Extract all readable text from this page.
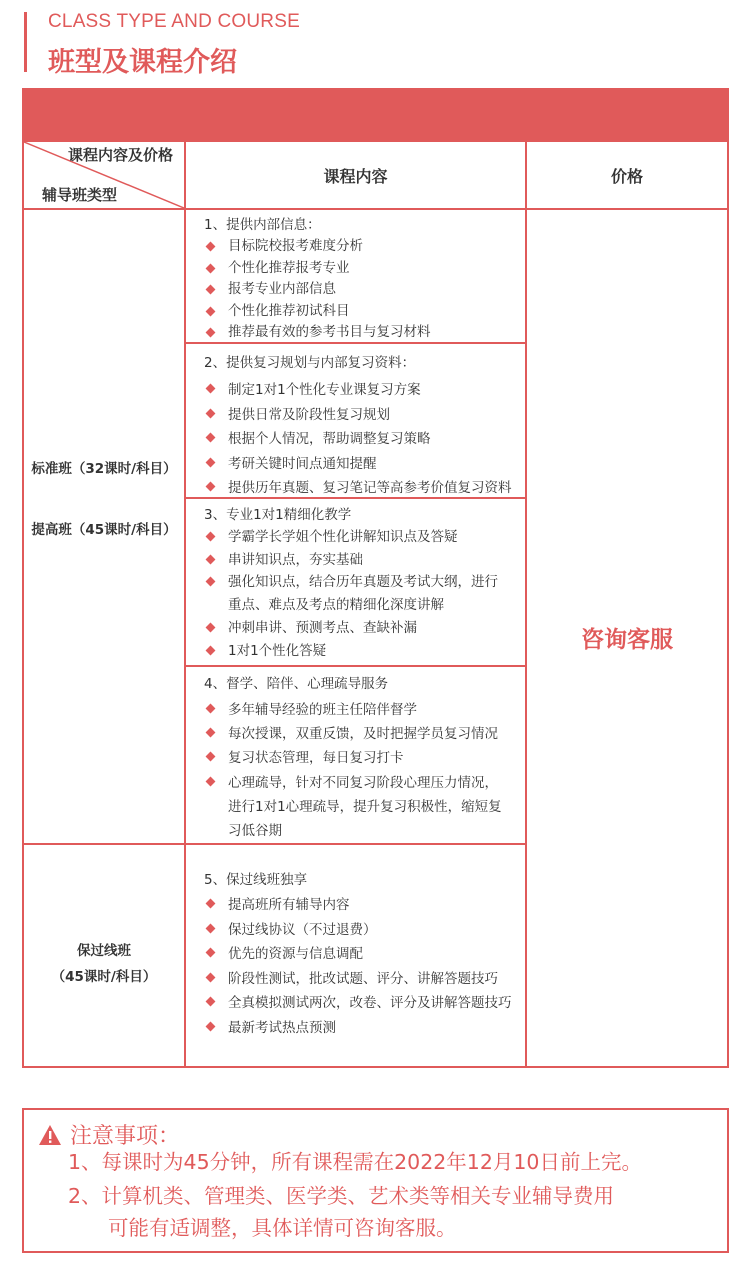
CLASS TYPE AND COURSE
班型及课程介绍
课程内容及价格
辅导班类型
课程内容	价格
标准班（32课时/科目）
提高班（45课时/科目）
保过线班
（45课时/科目）
1、提供内部信息：
目标院校报考难度分析
个性化推荐报考专业
报考专业内部信息
个性化推荐初试科目
推荐最有效的参考书目与复习材料
2、提供复习规划与内部复习资料：
制定1对1个性化专业课复习方案
提供日常及阶段性复习规划
根据个人情况，帮助调整复习策略
考研关键时间点通知提醒
提供历年真题、复习笔记等高参考价值复习资料
3、专业1对1精细化教学
学霸学长学姐个性化讲解知识点及答疑
串讲知识点，夯实基础
强化知识点，结合历年真题及考试大纲，进行重点、难点及考点的精细化深度讲解
冲刺串讲、预测考点、查缺补漏
1对1个性化答疑
4、督学、陪伴、心理疏导服务
多年辅导经验的班主任陪伴督学
每次授课，双重反馈，及时把握学员复习情况
复习状态管理，每日复习打卡
心理疏导，针对不同复习阶段心理压力情况，进行1对1心理疏导，提升复习积极性，缩短复习低谷期
5、保过线班独享
提高班所有辅导内容
保过线协议（不过退费）
优先的资源与信息调配
阶段性测试，批改试题、评分、讲解答题技巧
全真模拟测试两次，改卷、评分及讲解答题技巧
最新考试热点预测
咨询客服
注意事项：
1、每课时为45分钟，所有课程需在2022年12月10日前上完。
2、计算机类、管理类、医学类、艺术类等相关专业辅导费用
可能有适调整，具体详情可咨询客服。
